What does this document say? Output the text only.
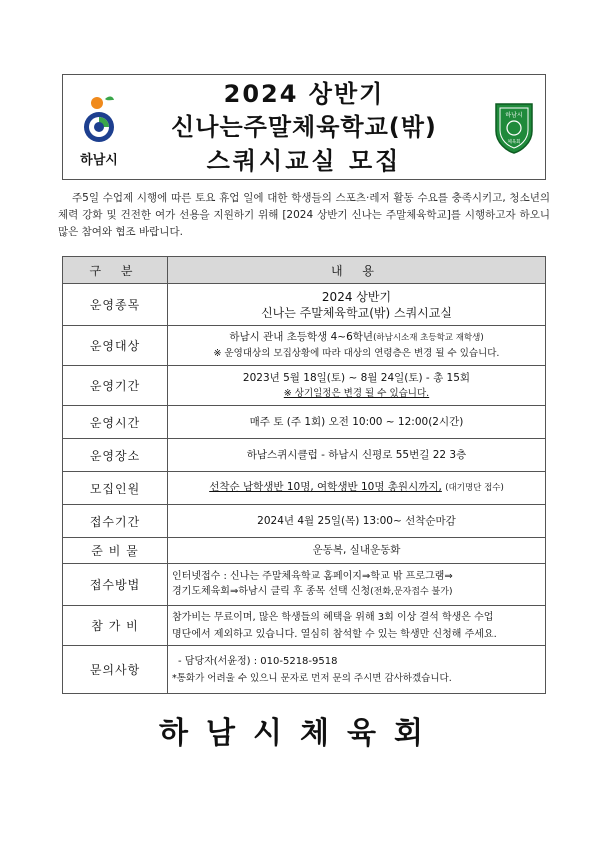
하남시
2024 상반기
신나는주말체육학교(밖)
스쿼시교실 모집
하남시
체육회
주5일 수업제 시행에 따른 토요 휴업 일에 대한 학생들의 스포츠·레저 활동 수요를 충족시키고, 청소년의 체력 강화 및 건전한 여가 선용을 지원하기 위해 [2024 상반기 신나는 주말체육학교]를 시행하고자 하오니 많은 참여와 협조 바랍니다.
구 분	내 용
운영종목	2024 상반기
신나는 주말체육학교(밖) 스쿼시교실

운영대상	하남시 관내 초등학생 4~6학년(하남시소재 초등학교 재학생)
※ 운영대상의 모집상황에 따라 대상의 연령층은 변경 될 수 있습니다.

운영기간	2023년 5월 18일(토) ~ 8월 24일(토) - 총 15회
※ 상기일정은 변경 될 수 있습니다.

운영시간	매주 토 (주 1회) 오전 10:00 ~ 12:00(2시간)
운영장소	하남스퀴시클럽 - 하남시 신평로 55번길 22 3층
모집인원	선착순 남학생반 10명, 여학생반 10명 총원시까지, (대기명단 접수)
접수기간	2024년 4월 25일(목) 13:00~ 선착순마감
준 비 물	운동복, 실내운동화
접수방법	인터넷접수 : 신나는 주말체육학교 홈페이지⇒학교 밖 프로그램⇒
경기도체육회⇒하남시 클릭 후 종목 선택 신청(전화,문자접수 불가)

참 가 비	참가비는 무료이며, 많은 학생들의 혜택을 위해 3회 이상 결석 학생은 수업
명단에서 제외하고 있습니다. 열심히 참석할 수 있는 학생만 신청해 주세요.

문의사항	- 담당자(서윤정) : 010-5218-9518
*통화가 어려울 수 있으니 문자로 먼저 문의 주시면 감사하겠습니다.
하남시체육회
